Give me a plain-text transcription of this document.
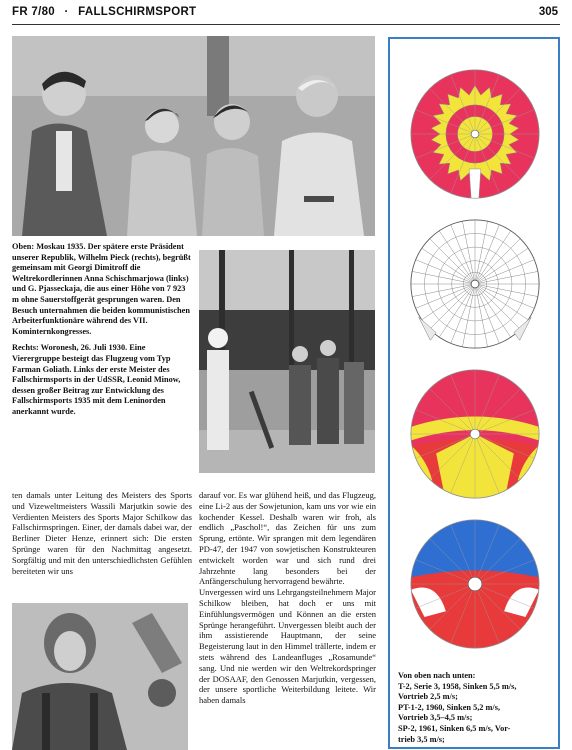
FR 7/80 · FALLSCHIRMSPORT	305

Oben: Moskau 1935. Der spätere erste Präsident unserer Republik, Wilhelm Pieck (rechts), begrüßt gemeinsam mit Georgi Dimitroff die Weltrekordlerinnen Anna Schischmarjowa (links) und G. Pjasseckaja, die aus einer Höhe von 7 923 m ohne Sauerstoffgerät gesprungen waren. Den Besuch unternahmen die beiden kommunistischen Arbeiterfunktionäre während des VII. Kominternkongresses.

Rechts: Woronesh, 26. Juli 1930. Eine Vierergruppe besteigt das Flugzeug vom Typ Farman Goliath. Links der erste Meister des Fallschirmsports in der UdSSR, Leonid Minow, dessen großer Beitrag zur Entwicklung des Fallschirmsports 1935 mit dem Leninorden anerkannt wurde.

ten damals unter Leitung des Meisters des Sports und Vizeweltmeisters Wassili Marjutkin sowie des Verdienten Meisters des Sports Major Schilkow das Fallschirmspringen. Einer, der damals dabei war, der Berliner Dieter Henze, erinnert sich: Die ersten Sprünge waren für den Nachmittag angesetzt. Sorgfältig und mit den unterschiedlichsten Gefühlen bereiteten wir uns

darauf vor. Es war glühend heiß, und das Flugzeug, eine Li-2 aus der Sowjetunion, kam uns vor wie ein kochender Kessel. Deshalb waren wir froh, als endlich „Paschol!“, das Zeichen für uns zum Sprung, ertönte. Wir sprangen mit dem legendären PD-47, der 1947 von sowjetischen Konstrukteuren entwickelt worden war und sich rund drei Jahrzehnte lang besonders bei der Anfängerschulung hervorragend bewährte.

Unvergessen wird uns Lehrgangsteilnehmern Major Schilkow bleiben, hat doch er uns mit Einfühlungsvermögen und Können an die ersten Sprünge herangeführt. Unvergessen bleibt auch der ihm assistierende Hauptmann, der seine Begeisterung laut in den Himmel trällerte, indem er stets während des Landeanfluges „Rosamunde“ sang. Und nie werden wir den Weltrekordspringer der DOSAAF, den Genossen Marjutkin, vergessen, der unsere sportliche Weiterbildung leitete. Wir haben damals

Von oben nach unten:
T-2, Serie 3, 1958, Sinken 5,5 m/s,
Vortrieb 2,5 m/s;
PT-1-2, 1960, Sinken 5,2 m/s,
Vortrieb 3,5–4,5 m/s;
SP-2, 1961, Sinken 6,5 m/s, Vor-
trieb 3,5 m/s;
